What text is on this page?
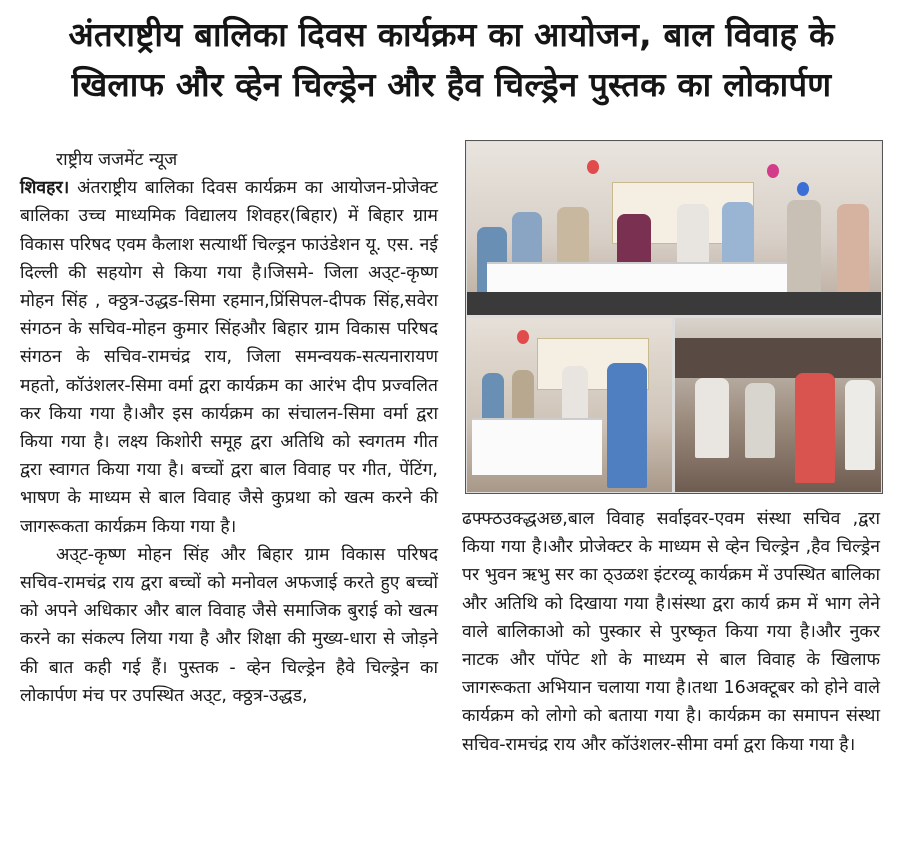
अंतराष्ट्रीय बालिका दिवस कार्यक्रम का आयोजन, बाल विवाह के
खिलाफ और व्हेन चिल्ड्रेन और हैव चिल्ड्रेन पुस्तक का लोकार्पण

राष्ट्रीय जजमेंट न्यूज

शिवहर। अंतराष्ट्रीय बालिका दिवस कार्यक्रम का आयोजन-प्रोजेक्ट बालिका उच्च माध्यमिक विद्यालय शिवहर(बिहार) में बिहार ग्राम विकास परिषद एवम कैलाश सत्यार्थी चिल्ड्रन फाउंडेशन यू. एस. नई दिल्ली की सहयोग से किया गया है।जिसमे- जिला अउ्ट-कृष्ण मोहन सिंह , क्ठ्ठत्र-उद्धड-सिमा रहमान,प्रिंसिपल-दीपक सिंह,सवेरा संगठन के सचिव-मोहन कुमार सिंहऔर बिहार ग्राम विकास परिषद संगठन के सचिव-रामचंद्र राय, जिला समन्वयक-सत्यनारायण महतो, कॉउंशलर-सिमा वर्मा द्वरा कार्यक्रम का आरंभ दीप प्रज्वलित कर किया गया है।और इस कार्यक्रम का संचालन-सिमा वर्मा द्वरा किया गया है। लक्ष्य किशोरी समूह द्वरा अतिथि को स्वगतम गीत द्वरा स्वागत किया गया है। बच्चों द्वरा बाल विवाह पर गीत, पेंटिंग, भाषण के माध्यम से बाल विवाह जैसे कुप्रथा को खत्म करने की जागरूकता कार्यक्रम किया गया है।

अउ्ट-कृष्ण मोहन सिंह और बिहार ग्राम विकास परिषद सचिव-रामचंद्र राय द्वरा बच्चों को मनोवल अफजाई करते हुए बच्चों को अपने अधिकार और बाल विवाह जैसे समाजिक बुराई को खत्म करने का संकल्प लिया गया है और शिक्षा की मुख्य-धारा से जोड़ने की बात कही गई हैं। पुस्तक - व्हेन चिल्ड्रेन हैवे चिल्ड्रेन का लोकार्पण मंच पर उपस्थित अउ्ट, क्ठ्ठत्र-उद्धड,

ढफ्फ्ठउक्द्धअछ,बाल विवाह सर्वाइवर-एवम संस्था सचिव ,द्वरा किया गया है।और प्रोजेक्टर के माध्यम से व्हेन चिल्ड्रेन ,हैव चिल्ड्रेन पर भुवन ऋभु सर का ठ्उळश इंटरव्यू कार्यक्रम में उपस्थित बालिका और अतिथि को दिखाया गया है।संस्था द्वरा कार्य क्रम में भाग लेने वाले बालिकाओ को पुस्कार से पुरष्कृत किया गया है।और नुकर नाटक और पॉपेट शो के माध्यम से बाल विवाह के खिलाफ जागरूकता अभियान चलाया गया है।तथा 16अक्टूबर को होने वाले कार्यक्रम को लोगो को बताया गया है। कार्यक्रम का समापन संस्था सचिव-रामचंद्र राय और कॉउंशलर-सीमा वर्मा द्वरा किया गया है।
